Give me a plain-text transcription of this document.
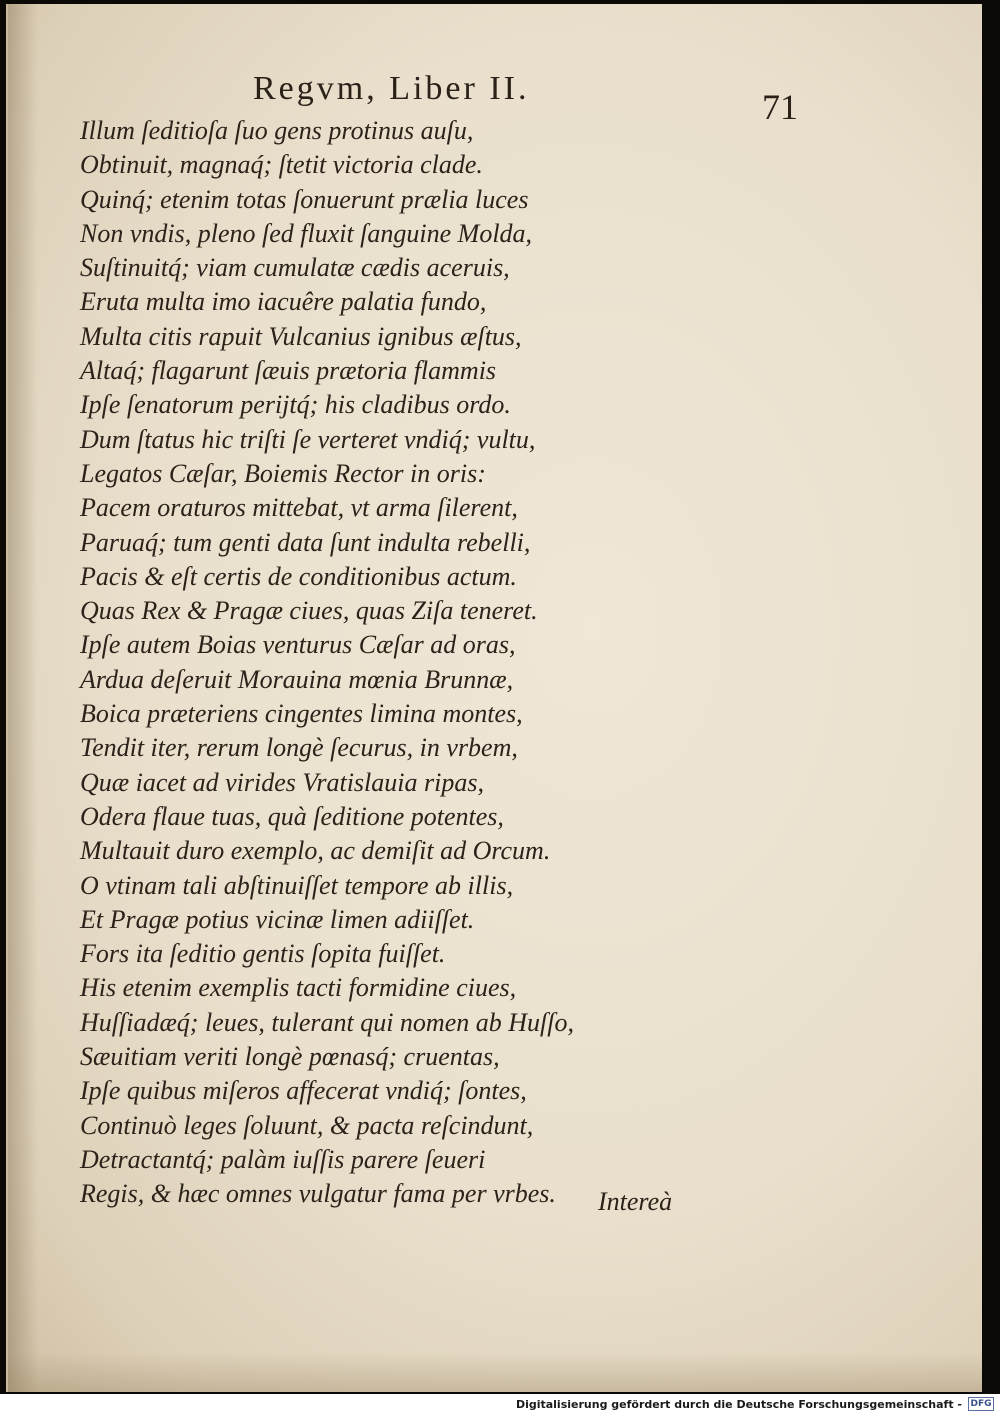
Regvm, Liber II.	71
Illum ſeditioſa ſuo gens protinus auſu,
Obtinuit, magnaq́; ſtetit victoria clade.
Quinq́; etenim totas ſonuerunt prælia luces
Non vndis, pleno ſed fluxit ſanguine Molda,
Suſtinuitq́; viam cumulatæ cædis aceruis,
Eruta multa imo iacuêre palatia fundo,
Multa citis rapuit Vulcanius ignibus æſtus,
Altaq́; flagarunt ſæuis prætoria flammis
Ipſe ſenatorum perijtq́; his cladibus ordo.
Dum ſtatus hic triſti ſe verteret vndiq́; vultu,
Legatos Cæſar, Boiemis Rector in oris:
Pacem oraturos mittebat, vt arma ſilerent,
Paruaq́; tum genti data ſunt indulta rebelli,
Pacis & eſt certis de conditionibus actum.
Quas Rex & Pragæ ciues, quas Ziſa teneret.
Ipſe autem Boias venturus Cæſar ad oras,
Ardua deſeruit Morauina mœnia Brunnæ,
Boica præteriens cingentes limina montes,
Tendit iter, rerum longè ſecurus, in vrbem,
Quæ iacet ad virides Vratislauia ripas,
Odera flaue tuas, quà ſeditione potentes,
Multauit duro exemplo, ac demiſit ad Orcum.
O vtinam tali abſtinuiſſet tempore ab illis,
Et Pragæ potius vicinæ limen adiiſſet.
Fors ita ſeditio gentis ſopita fuiſſet.
His etenim exemplis tacti formidine ciues,
Huſſiadæq́; leues, tulerant qui nomen ab Huſſo,
Sæuitiam veriti longè pœnasq́; cruentas,
Ipſe quibus miſeros affecerat vndiq́; ſontes,
Continuò leges ſoluunt, & pacta reſcindunt,
Detractantq́; palàm iuſſis parere ſeueri
Regis, & hæc omnes vulgatur fama per vrbes.	Intereà
Digitalisierung gefördert durch die Deutsche Forschungsgemeinschaft - DFG
